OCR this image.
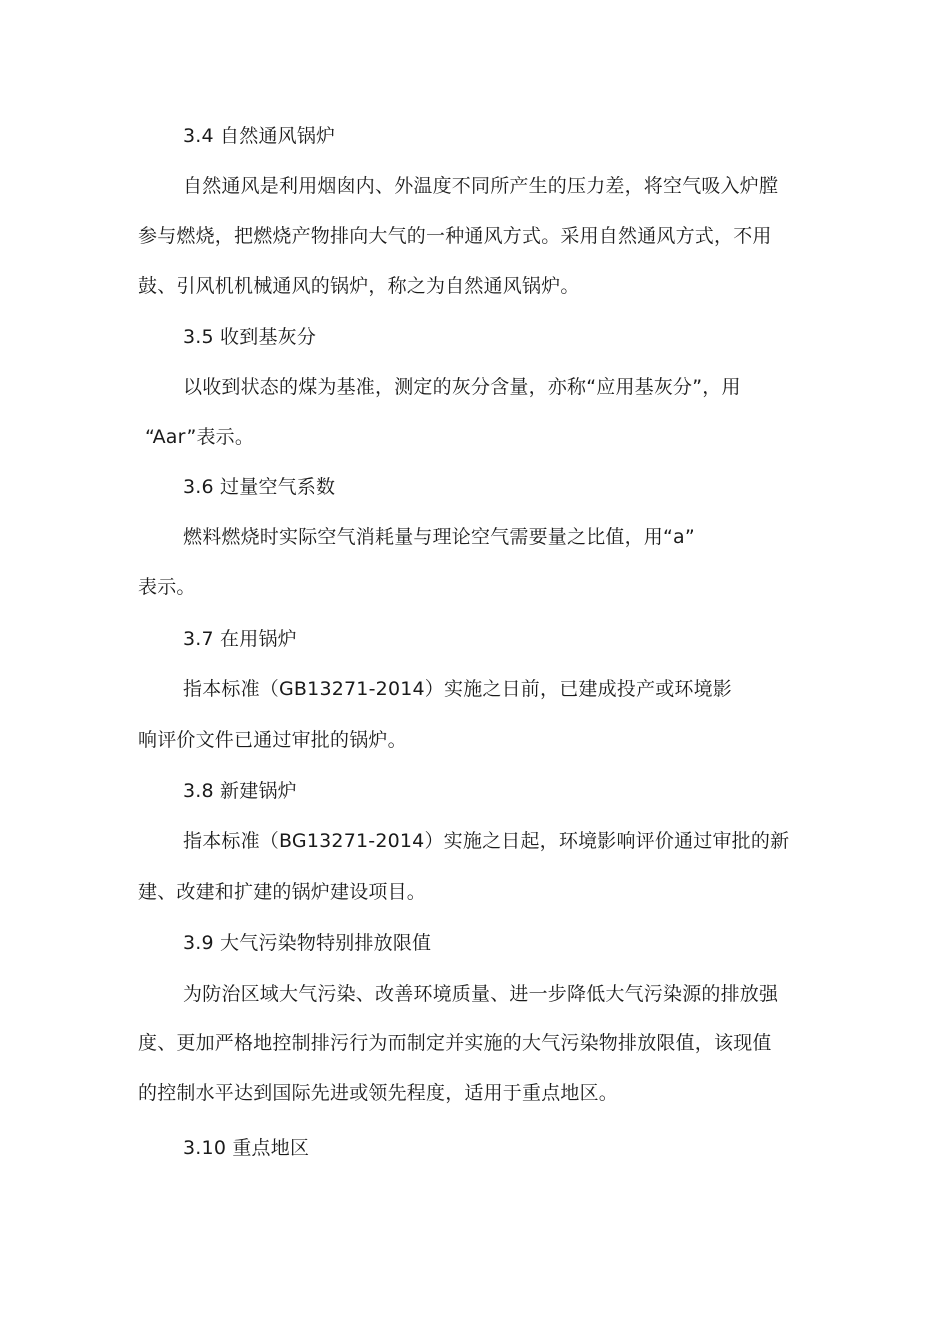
3.4 自然通风锅炉
自然通风是利用烟囱内、外温度不同所产生的压力差，将空气吸入炉膛
参与燃烧，把燃烧产物排向大气的一种通风方式。采用自然通风方式，不用
鼓、引风机机械通风的锅炉，称之为自然通风锅炉。
3.5 收到基灰分
以收到状态的煤为基准，测定的灰分含量，亦称“应用基灰分”，用
“Aar”表示。
3.6 过量空气系数
燃料燃烧时实际空气消耗量与理论空气需要量之比值，用“a”
表示。
3.7 在用锅炉
指本标准（GB13271-2014）实施之日前，已建成投产或环境影
响评价文件已通过审批的锅炉。
3.8 新建锅炉
指本标准（BG13271-2014）实施之日起，环境影响评价通过审批的新
建、改建和扩建的锅炉建设项目。
3.9 大气污染物特别排放限值
为防治区域大气污染、改善环境质量、进一步降低大气污染源的排放强
度、更加严格地控制排污行为而制定并实施的大气污染物排放限值，该现值
的控制水平达到国际先进或领先程度，适用于重点地区。
3.10 重点地区
